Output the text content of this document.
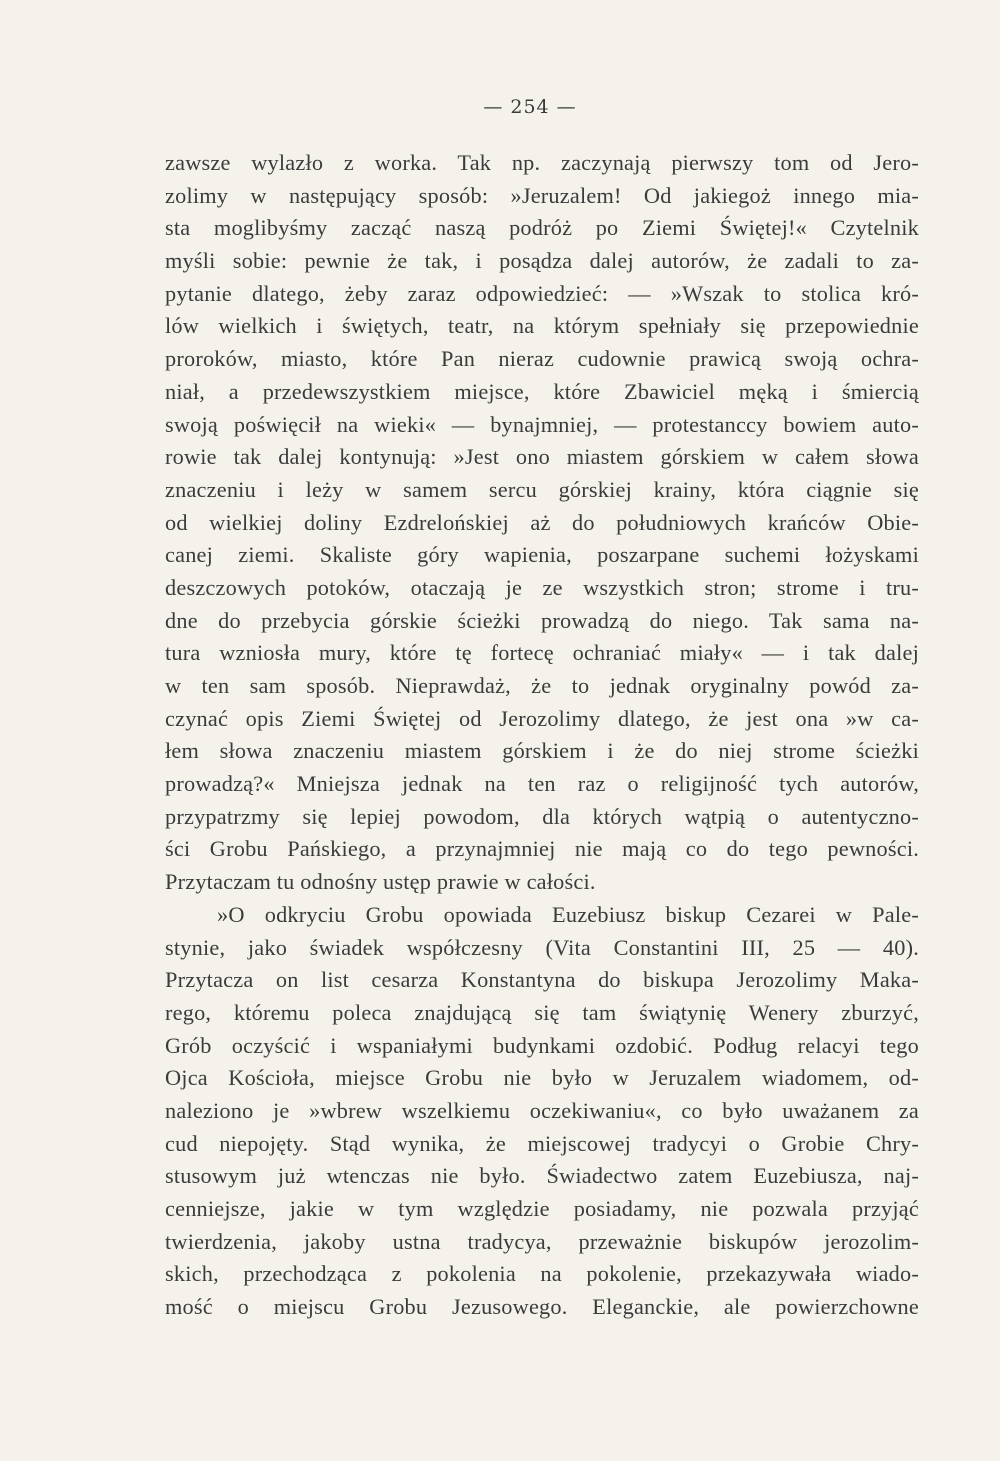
— 254 —
zawsze wylazło z worka. Tak np. zaczynają pierwszy tom od Jero-
zolimy w następujący sposób: »Jeruzalem! Od jakiegoż innego mia-
sta moglibyśmy zacząć naszą podróż po Ziemi Świętej!« Czytelnik
myśli sobie: pewnie że tak, i posądza dalej autorów, że zadali to za-
pytanie dlatego, żeby zaraz odpowiedzieć: — »Wszak to stolica kró-
lów wielkich i świętych, teatr, na którym spełniały się przepowiednie
proroków, miasto, które Pan nieraz cudownie prawicą swoją ochra-
niał, a przedewszystkiem miejsce, które Zbawiciel męką i śmiercią
swoją poświęcił na wieki« — bynajmniej, — protestanccy bowiem auto-
rowie tak dalej kontynują: »Jest ono miastem górskiem w całem słowa
znaczeniu i leży w samem sercu górskiej krainy, która ciągnie się
od wielkiej doliny Ezdrelońskiej aż do południowych krańców Obie-
canej ziemi. Skaliste góry wapienia, poszarpane suchemi łożyskami
deszczowych potoków, otaczają je ze wszystkich stron; strome i tru-
dne do przebycia górskie ścieżki prowadzą do niego. Tak sama na-
tura wzniosła mury, które tę fortecę ochraniać miały« — i tak dalej
w ten sam sposób. Nieprawdaż, że to jednak oryginalny powód za-
czynać opis Ziemi Świętej od Jerozolimy dlatego, że jest ona »w ca-
łem słowa znaczeniu miastem górskiem i że do niej strome ścieżki
prowadzą?« Mniejsza jednak na ten raz o religijność tych autorów,
przypatrzmy się lepiej powodom, dla których wątpią o autentyczno-
ści Grobu Pańskiego, a przynajmniej nie mają co do tego pewności.
Przytaczam tu odnośny ustęp prawie w całości.
»O odkryciu Grobu opowiada Euzebiusz biskup Cezarei w Pale-
stynie, jako świadek współczesny (Vita Constantini III, 25 — 40).
Przytacza on list cesarza Konstantyna do biskupa Jerozolimy Maka-
rego, któremu poleca znajdującą się tam świątynię Wenery zburzyć,
Grób oczyścić i wspaniałymi budynkami ozdobić. Podług relacyi tego
Ojca Kościoła, miejsce Grobu nie było w Jeruzalem wiadomem, od-
naleziono je »wbrew wszelkiemu oczekiwaniu«, co było uważanem za
cud niepojęty. Stąd wynika, że miejscowej tradycyi o Grobie Chry-
stusowym już wtenczas nie było. Świadectwo zatem Euzebiusza, naj-
cenniejsze, jakie w tym względzie posiadamy, nie pozwala przyjąć
twierdzenia, jakoby ustna tradycya, przeważnie biskupów jerozolim-
skich, przechodząca z pokolenia na pokolenie, przekazywała wiado-
mość o miejscu Grobu Jezusowego. Eleganckie, ale powierzchowne
